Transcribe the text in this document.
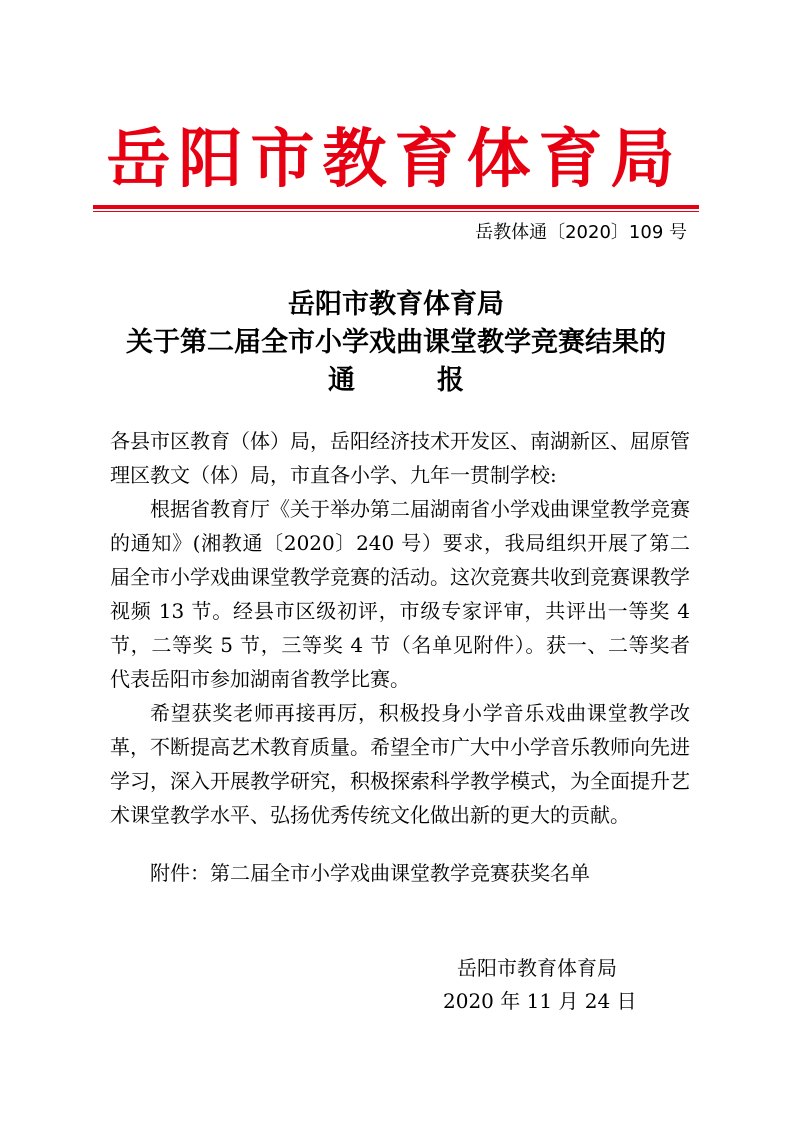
岳阳市教育体育局
岳教体通〔2020〕109 号
岳阳市教育体育局
关于第二届全市小学戏曲课堂教学竞赛结果的
通	报

各县市区教育（体）局，岳阳经济技术开发区、南湖新区、屈原管理区教文（体）局，市直各小学、九年一贯制学校:

根据省教育厅《关于举办第二届湖南省小学戏曲课堂教学竞赛的通知》(湘教通〔2020〕240 号）要求，我局组织开展了第二届全市小学戏曲课堂教学竞赛的活动。这次竞赛共收到竞赛课教学视频 13 节。经县市区级初评，市级专家评审，共评出一等奖 4 节，二等奖 5 节，三等奖 4 节（名单见附件）。获一、二等奖者代表岳阳市参加湖南省教学比赛。

希望获奖老师再接再厉，积极投身小学音乐戏曲课堂教学改革，不断提高艺术教育质量。希望全市广大中小学音乐教师向先进学习，深入开展教学研究，积极探索科学教学模式，为全面提升艺术课堂教学水平、弘扬优秀传统文化做出新的更大的贡献。

附件：第二届全市小学戏曲课堂教学竞赛获奖名单
岳阳市教育体育局
2020 年 11 月 24 日
